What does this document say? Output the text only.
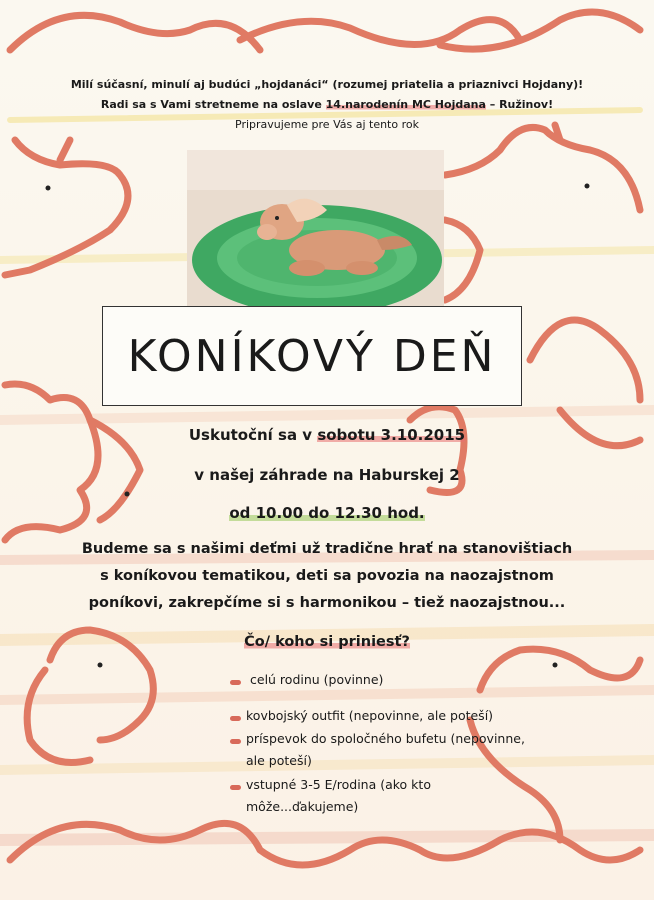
Milí súčasní, minulí aj budúci „hojdanáci“ (rozumej priatelia a priaznivci Hojdany)!

Radi sa s Vami stretneme na oslave 14.narodenín MC Hojdana – Ružinov!

Pripravujeme pre Vás aj tento rok

KONÍKOVÝ DEŇ

Uskutoční sa v sobotu 3.10.2015

v našej záhrade na Haburskej 2

od 10.00 do 12.30 hod.

Budeme sa s našimi deťmi už tradične hrať na stanovištiach

s koníkovou tematikou, deti sa povozia na naozajstnom

poníkovi, zakrepčíme si s harmonikou – tiež naozajstnou...

Čo/ koho si priniesť?

celú rodinu (povinne)

kovbojský outfit (nepovinne, ale poteší)

príspevok do spoločného bufetu (nepovinne,

ale poteší)

vstupné 3-5 E/rodina (ako kto

môže...ďakujeme)
